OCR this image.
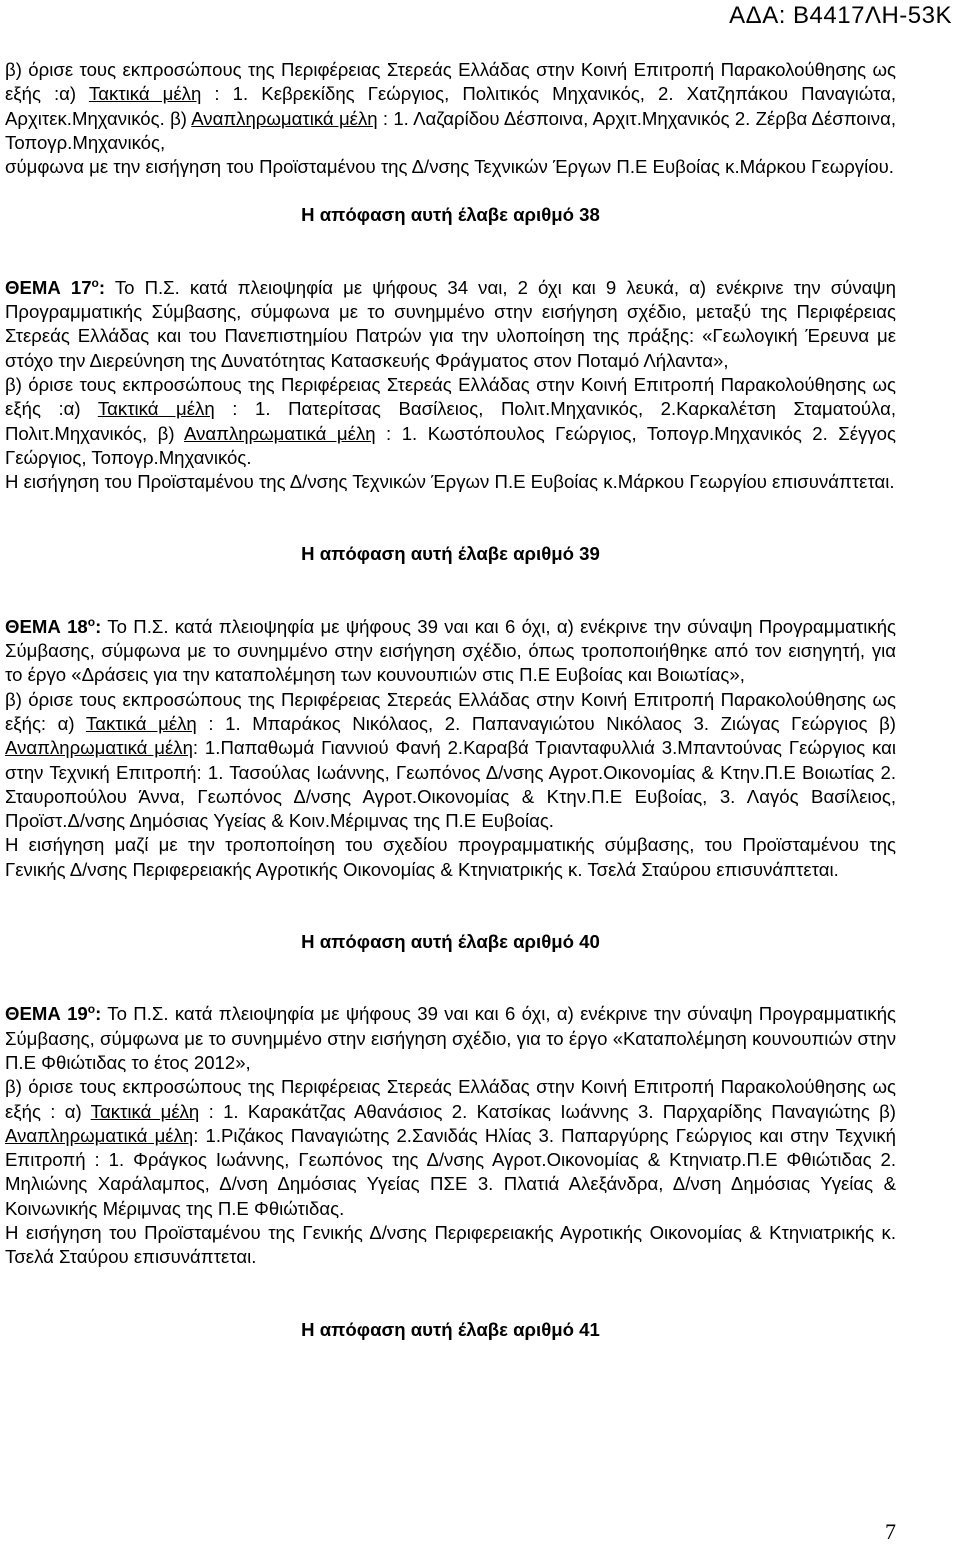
ΑΔΑ: Β4417ΛΗ-53Κ

β) όρισε τους εκπροσώπους της Περιφέρειας Στερεάς Ελλάδας στην Κοινή Επιτροπή Παρακολούθησης ως εξής :α) Τακτικά μέλη : 1. Κεβρεκίδης Γεώργιος, Πολιτικός Μηχανικός, 2. Χατζηπάκου Παναγιώτα, Αρχιτεκ.Μηχανικός. β) Αναπληρωματικά μέλη : 1. Λαζαρίδου Δέσποινα, Αρχιτ.Μηχανικός 2. Ζέρβα Δέσποινα, Τοπογρ.Μηχανικός,

σύμφωνα με την εισήγηση του Προϊσταμένου της Δ/νσης Τεχνικών Έργων Π.Ε Ευβοίας κ.Μάρκου Γεωργίου.

Η απόφαση αυτή έλαβε αριθμό 38

ΘΕΜΑ $17^o$: Το Π.Σ. κατά πλειοψηφία με ψήφους 34 ναι, 2 όχι και 9 λευκά, α) ενέκρινε την σύναψη Προγραμματικής Σύμβασης, σύμφωνα με το συνημμένο στην εισήγηση σχέδιο, μεταξύ της Περιφέρειας Στερεάς Ελλάδας και του Πανεπιστημίου Πατρών για την υλοποίηση της πράξης: «Γεωλογική Έρευνα με στόχο την Διερεύνηση της Δυνατότητας Κατασκευής Φράγματος στον Ποταμό Λήλαντα»,

β) όρισε τους εκπροσώπους της Περιφέρειας Στερεάς Ελλάδας στην Κοινή Επιτροπή Παρακολούθησης ως εξής :α) Τακτικά μέλη : 1. Πατερίτσας Βασίλειος, Πολιτ.Μηχανικός, 2.Καρκαλέτση Σταματούλα, Πολιτ.Μηχανικός, β) Αναπληρωματικά μέλη : 1. Κωστόπουλος Γεώργιος, Τοπογρ.Μηχανικός 2. Σέγγος Γεώργιος, Τοπογρ.Μηχανικός.

Η εισήγηση του Προϊσταμένου της Δ/νσης Τεχνικών Έργων Π.Ε Ευβοίας κ.Μάρκου Γεωργίου επισυνάπτεται.

Η απόφαση αυτή έλαβε αριθμό 39

ΘΕΜΑ $18^o$: Το Π.Σ. κατά πλειοψηφία με ψήφους 39 ναι και 6 όχι, α) ενέκρινε την σύναψη Προγραμματικής Σύμβασης, σύμφωνα με το συνημμένο στην εισήγηση σχέδιο, όπως τροποποιήθηκε από τον εισηγητή, για το έργο «Δράσεις για την καταπολέμηση των κουνουπιών στις Π.Ε Ευβοίας και Βοιωτίας»,

β) όρισε τους εκπροσώπους της Περιφέρειας Στερεάς Ελλάδας στην Κοινή Επιτροπή Παρακολούθησης ως εξής: α) Τακτικά μέλη : 1. Μπαράκος Νικόλαος, 2. Παπαναγιώτου Νικόλαος 3. Ζιώγας Γεώργιος β) Αναπληρωματικά μέλη: 1.Παπαθωμά Γιαννιού Φανή 2.Καραβά Τριανταφυλλιά 3.Μπαντούνας Γεώργιος και στην Τεχνική Επιτροπή: 1. Τασούλας Ιωάννης, Γεωπόνος Δ/νσης Αγροτ.Οικονομίας & Κτην.Π.Ε Βοιωτίας 2. Σταυροπούλου Άννα, Γεωπόνος Δ/νσης Αγροτ.Οικονομίας & Κτην.Π.Ε Ευβοίας, 3. Λαγός Βασίλειος, Προϊστ.Δ/νσης Δημόσιας Υγείας & Κοιν.Μέριμνας της Π.Ε Ευβοίας.

Η εισήγηση μαζί με την τροποποίηση του σχεδίου προγραμματικής σύμβασης, του Προϊσταμένου της Γενικής Δ/νσης Περιφερειακής Αγροτικής Οικονομίας & Κτηνιατρικής κ. Τσελά Σταύρου επισυνάπτεται.

Η απόφαση αυτή έλαβε αριθμό 40

ΘΕΜΑ $19^o$: Το Π.Σ. κατά πλειοψηφία με ψήφους 39 ναι και 6 όχι, α) ενέκρινε την σύναψη Προγραμματικής Σύμβασης, σύμφωνα με το συνημμένο στην εισήγηση σχέδιο, για το έργο «Καταπολέμηση κουνουπιών στην Π.Ε Φθιώτιδας το έτος 2012»,

β) όρισε τους εκπροσώπους της Περιφέρειας Στερεάς Ελλάδας στην Κοινή Επιτροπή Παρακολούθησης ως εξής : α) Τακτικά μέλη : 1. Καρακάτζας Αθανάσιος 2. Κατσίκας Ιωάννης 3. Παρχαρίδης Παναγιώτης β) Αναπληρωματικά μέλη: 1.Ριζάκος Παναγιώτης 2.Σανιδάς Ηλίας 3. Παπαργύρης Γεώργιος και στην Τεχνική Επιτροπή : 1. Φράγκος Ιωάννης, Γεωπόνος της Δ/νσης Αγροτ.Οικονομίας & Κτηνιατρ.Π.Ε Φθιώτιδας 2. Μηλιώνης Χαράλαμπος, Δ/νση Δημόσιας Υγείας ΠΣΕ 3. Πλατιά Αλεξάνδρα, Δ/νση Δημόσιας Υγείας & Κοινωνικής Μέριμνας της Π.Ε Φθιώτιδας.

Η εισήγηση του Προϊσταμένου της Γενικής Δ/νσης Περιφερειακής Αγροτικής Οικονομίας & Κτηνιατρικής κ. Τσελά Σταύρου επισυνάπτεται.

Η απόφαση αυτή έλαβε αριθμό 41

7
